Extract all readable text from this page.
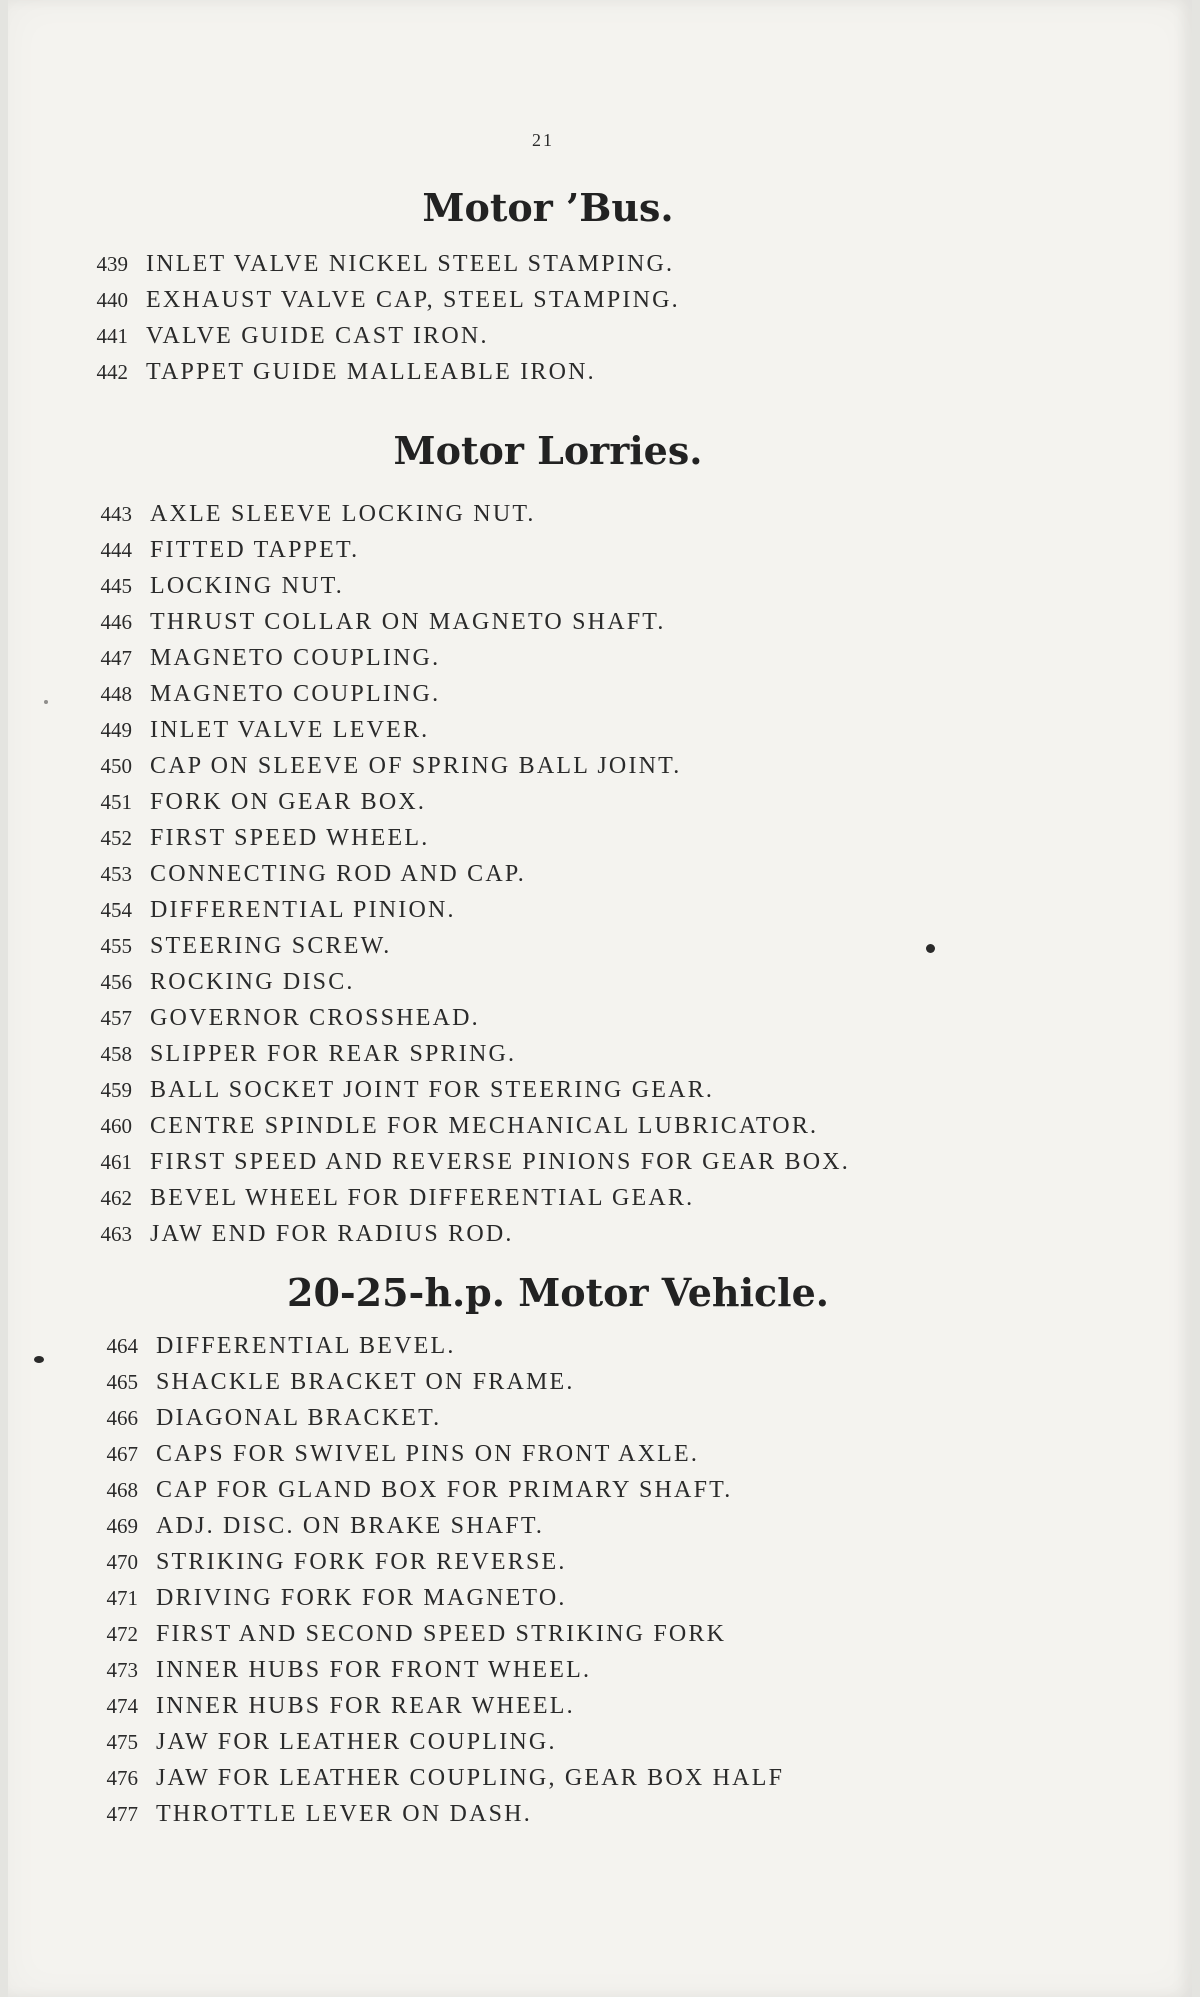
21
Motor ’Bus.
439 INLET VALVE NICKEL STEEL STAMPING.
440 EXHAUST VALVE CAP, STEEL STAMPING.
441 VALVE GUIDE CAST IRON.
442 TAPPET GUIDE MALLEABLE IRON.
Motor Lorries.
443 AXLE SLEEVE LOCKING NUT.
444 FITTED TAPPET.
445 LOCKING NUT.
446 THRUST COLLAR ON MAGNETO SHAFT.
447 MAGNETO COUPLING.
448 MAGNETO COUPLING.
449 INLET VALVE LEVER.
450 CAP ON SLEEVE OF SPRING BALL JOINT.
451 FORK ON GEAR BOX.
452 FIRST SPEED WHEEL.
453 CONNECTING ROD AND CAP.
454 DIFFERENTIAL PINION.
455 STEERING SCREW.
456 ROCKING DISC.
457 GOVERNOR CROSSHEAD.
458 SLIPPER FOR REAR SPRING.
459 BALL SOCKET JOINT FOR STEERING GEAR.
460 CENTRE SPINDLE FOR MECHANICAL LUBRICATOR.
461 FIRST SPEED AND REVERSE PINIONS FOR GEAR BOX.
462 BEVEL WHEEL FOR DIFFERENTIAL GEAR.
463 JAW END FOR RADIUS ROD.
20-25-h.p. Motor Vehicle.
464 DIFFERENTIAL BEVEL.
465 SHACKLE BRACKET ON FRAME.
466 DIAGONAL BRACKET.
467 CAPS FOR SWIVEL PINS ON FRONT AXLE.
468 CAP FOR GLAND BOX FOR PRIMARY SHAFT.
469 ADJ. DISC. ON BRAKE SHAFT.
470 STRIKING FORK FOR REVERSE.
471 DRIVING FORK FOR MAGNETO.
472 FIRST AND SECOND SPEED STRIKING FORK
473 INNER HUBS FOR FRONT WHEEL.
474 INNER HUBS FOR REAR WHEEL.
475 JAW FOR LEATHER COUPLING.
476 JAW FOR LEATHER COUPLING, GEAR BOX HALF
477 THROTTLE LEVER ON DASH.
